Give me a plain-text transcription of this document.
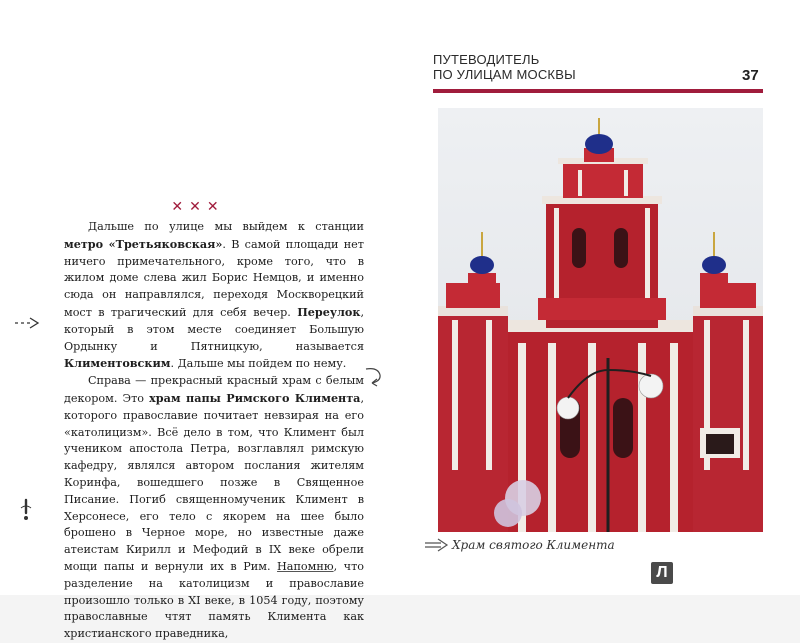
ПУТЕВОДИТЕЛЬ
ПО УЛИЦАМ МОСКВЫ	37
Храм святого Климента
✕✕✕

Дальше по улице мы выйдем к станции метро «Третьяковская». В самой площади нет ничего примечательного, кроме того, что в жилом доме слева жил Борис Немцов, и именно сюда он направлялся, переходя Москворецкий мост в трагический для себя вечер. Переулок, который в этом месте соединяет Большую Ордынку и Пятницкую, называется Климентовским. Дальше мы пойдем по нему.

Справа — прекрасный красный храм с белым декором. Это храм папы Римского Климента, которого православие почитает невзирая на его «католицизм». Всё дело в том, что Климент был учеником апостола Петра, возглавлял римскую кафедру, являлся автором послания жителям Коринфа, вошедшего позже в Священное Писание. Погиб священномученик Климент в Херсонесе, его тело с якорем на шее было брошено в Черное море, но известные даже атеистам Кирилл и Мефодий в IX веке обрели мощи папы и вернули их в Рим. Напомню, что разделение на католицизм и православие произошло только в XI веке, в 1054 году, поэтому православные чтят память Климента как христианского праведника,

Л
